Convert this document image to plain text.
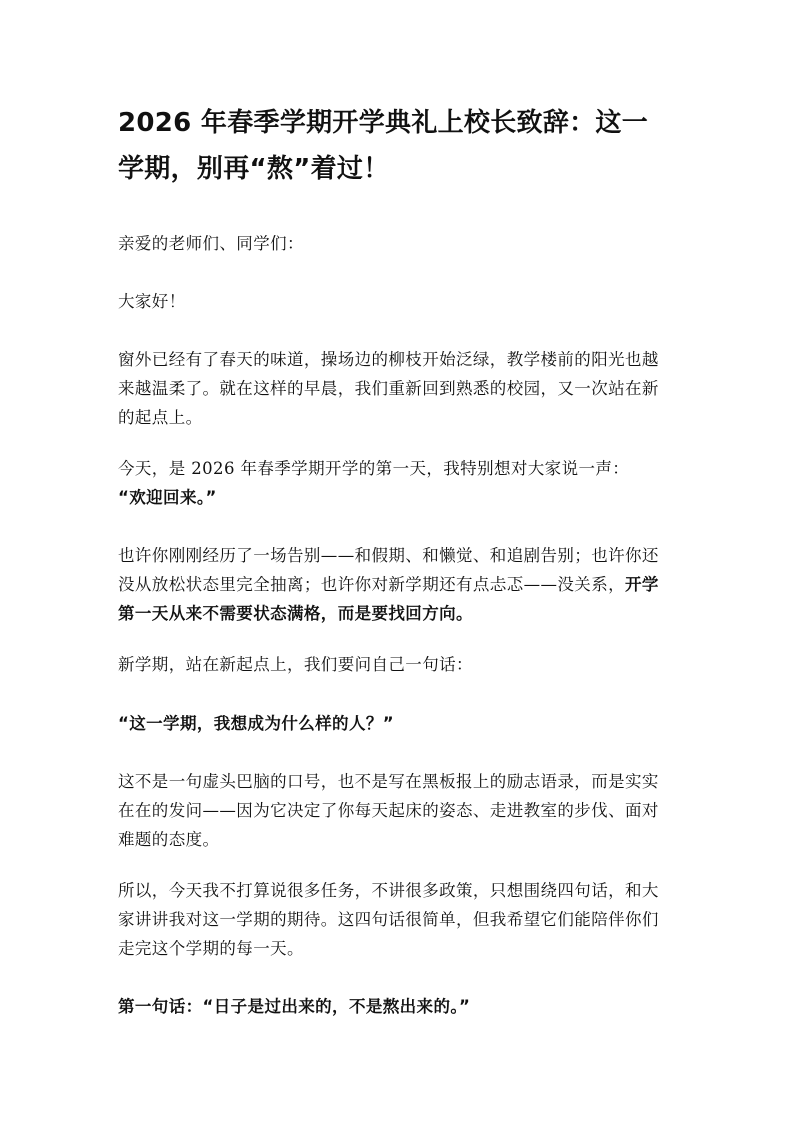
2026 年春季学期开学典礼上校长致辞：这一学期，别再“熬”着过！

亲爱的老师们、同学们：

大家好！

窗外已经有了春天的味道，操场边的柳枝开始泛绿，教学楼前的阳光也越来越温柔了。就在这样的早晨，我们重新回到熟悉的校园，又一次站在新的起点上。

今天，是 2026 年春季学期开学的第一天，我特别想对大家说一声：
“欢迎回来。”

也许你刚刚经历了一场告别——和假期、和懒觉、和追剧告别；也许你还没从放松状态里完全抽离；也许你对新学期还有点忐忑——没关系，开学第一天从来不需要状态满格，而是要找回方向。

新学期，站在新起点上，我们要问自己一句话：

“这一学期，我想成为什么样的人？”

这不是一句虚头巴脑的口号，也不是写在黑板报上的励志语录，而是实实在在的发问——因为它决定了你每天起床的姿态、走进教室的步伐、面对难题的态度。

所以，今天我不打算说很多任务，不讲很多政策，只想围绕四句话，和大家讲讲我对这一学期的期待。这四句话很简单，但我希望它们能陪伴你们走完这个学期的每一天。

第一句话：“日子是过出来的，不是熬出来的。”
